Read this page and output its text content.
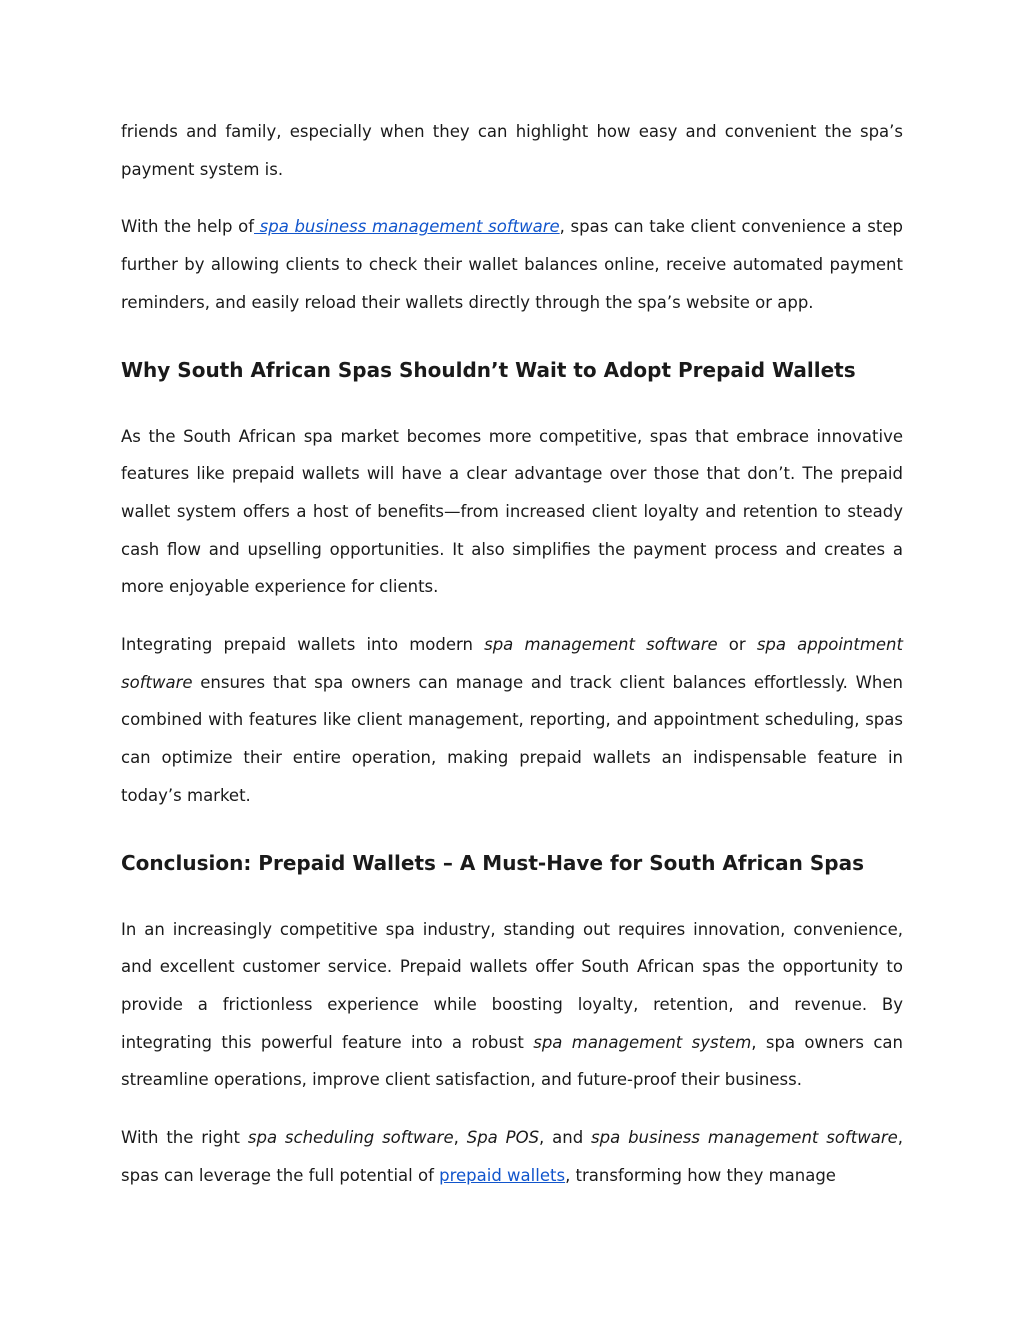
friends and family, especially when they can highlight how easy and convenient the spa’s payment system is.

With the help of spa business management software, spas can take client convenience a step further by allowing clients to check their wallet balances online, receive automated payment reminders, and easily reload their wallets directly through the spa’s website or app.

Why South African Spas Shouldn’t Wait to Adopt Prepaid Wallets

As the South African spa market becomes more competitive, spas that embrace innovative features like prepaid wallets will have a clear advantage over those that don’t. The prepaid wallet system offers a host of benefits—from increased client loyalty and retention to steady cash flow and upselling opportunities. It also simplifies the payment process and creates a more enjoyable experience for clients.

Integrating prepaid wallets into modern spa management software or spa appointment software ensures that spa owners can manage and track client balances effortlessly. When combined with features like client management, reporting, and appointment scheduling, spas can optimize their entire operation, making prepaid wallets an indispensable feature in today’s market.

Conclusion: Prepaid Wallets – A Must-Have for South African Spas

In an increasingly competitive spa industry, standing out requires innovation, convenience, and excellent customer service. Prepaid wallets offer South African spas the opportunity to provide a frictionless experience while boosting loyalty, retention, and revenue. By integrating this powerful feature into a robust spa management system, spa owners can streamline operations, improve client satisfaction, and future-proof their business.

With the right spa scheduling software, Spa POS, and spa business management software, spas can leverage the full potential of prepaid wallets, transforming how they manage
